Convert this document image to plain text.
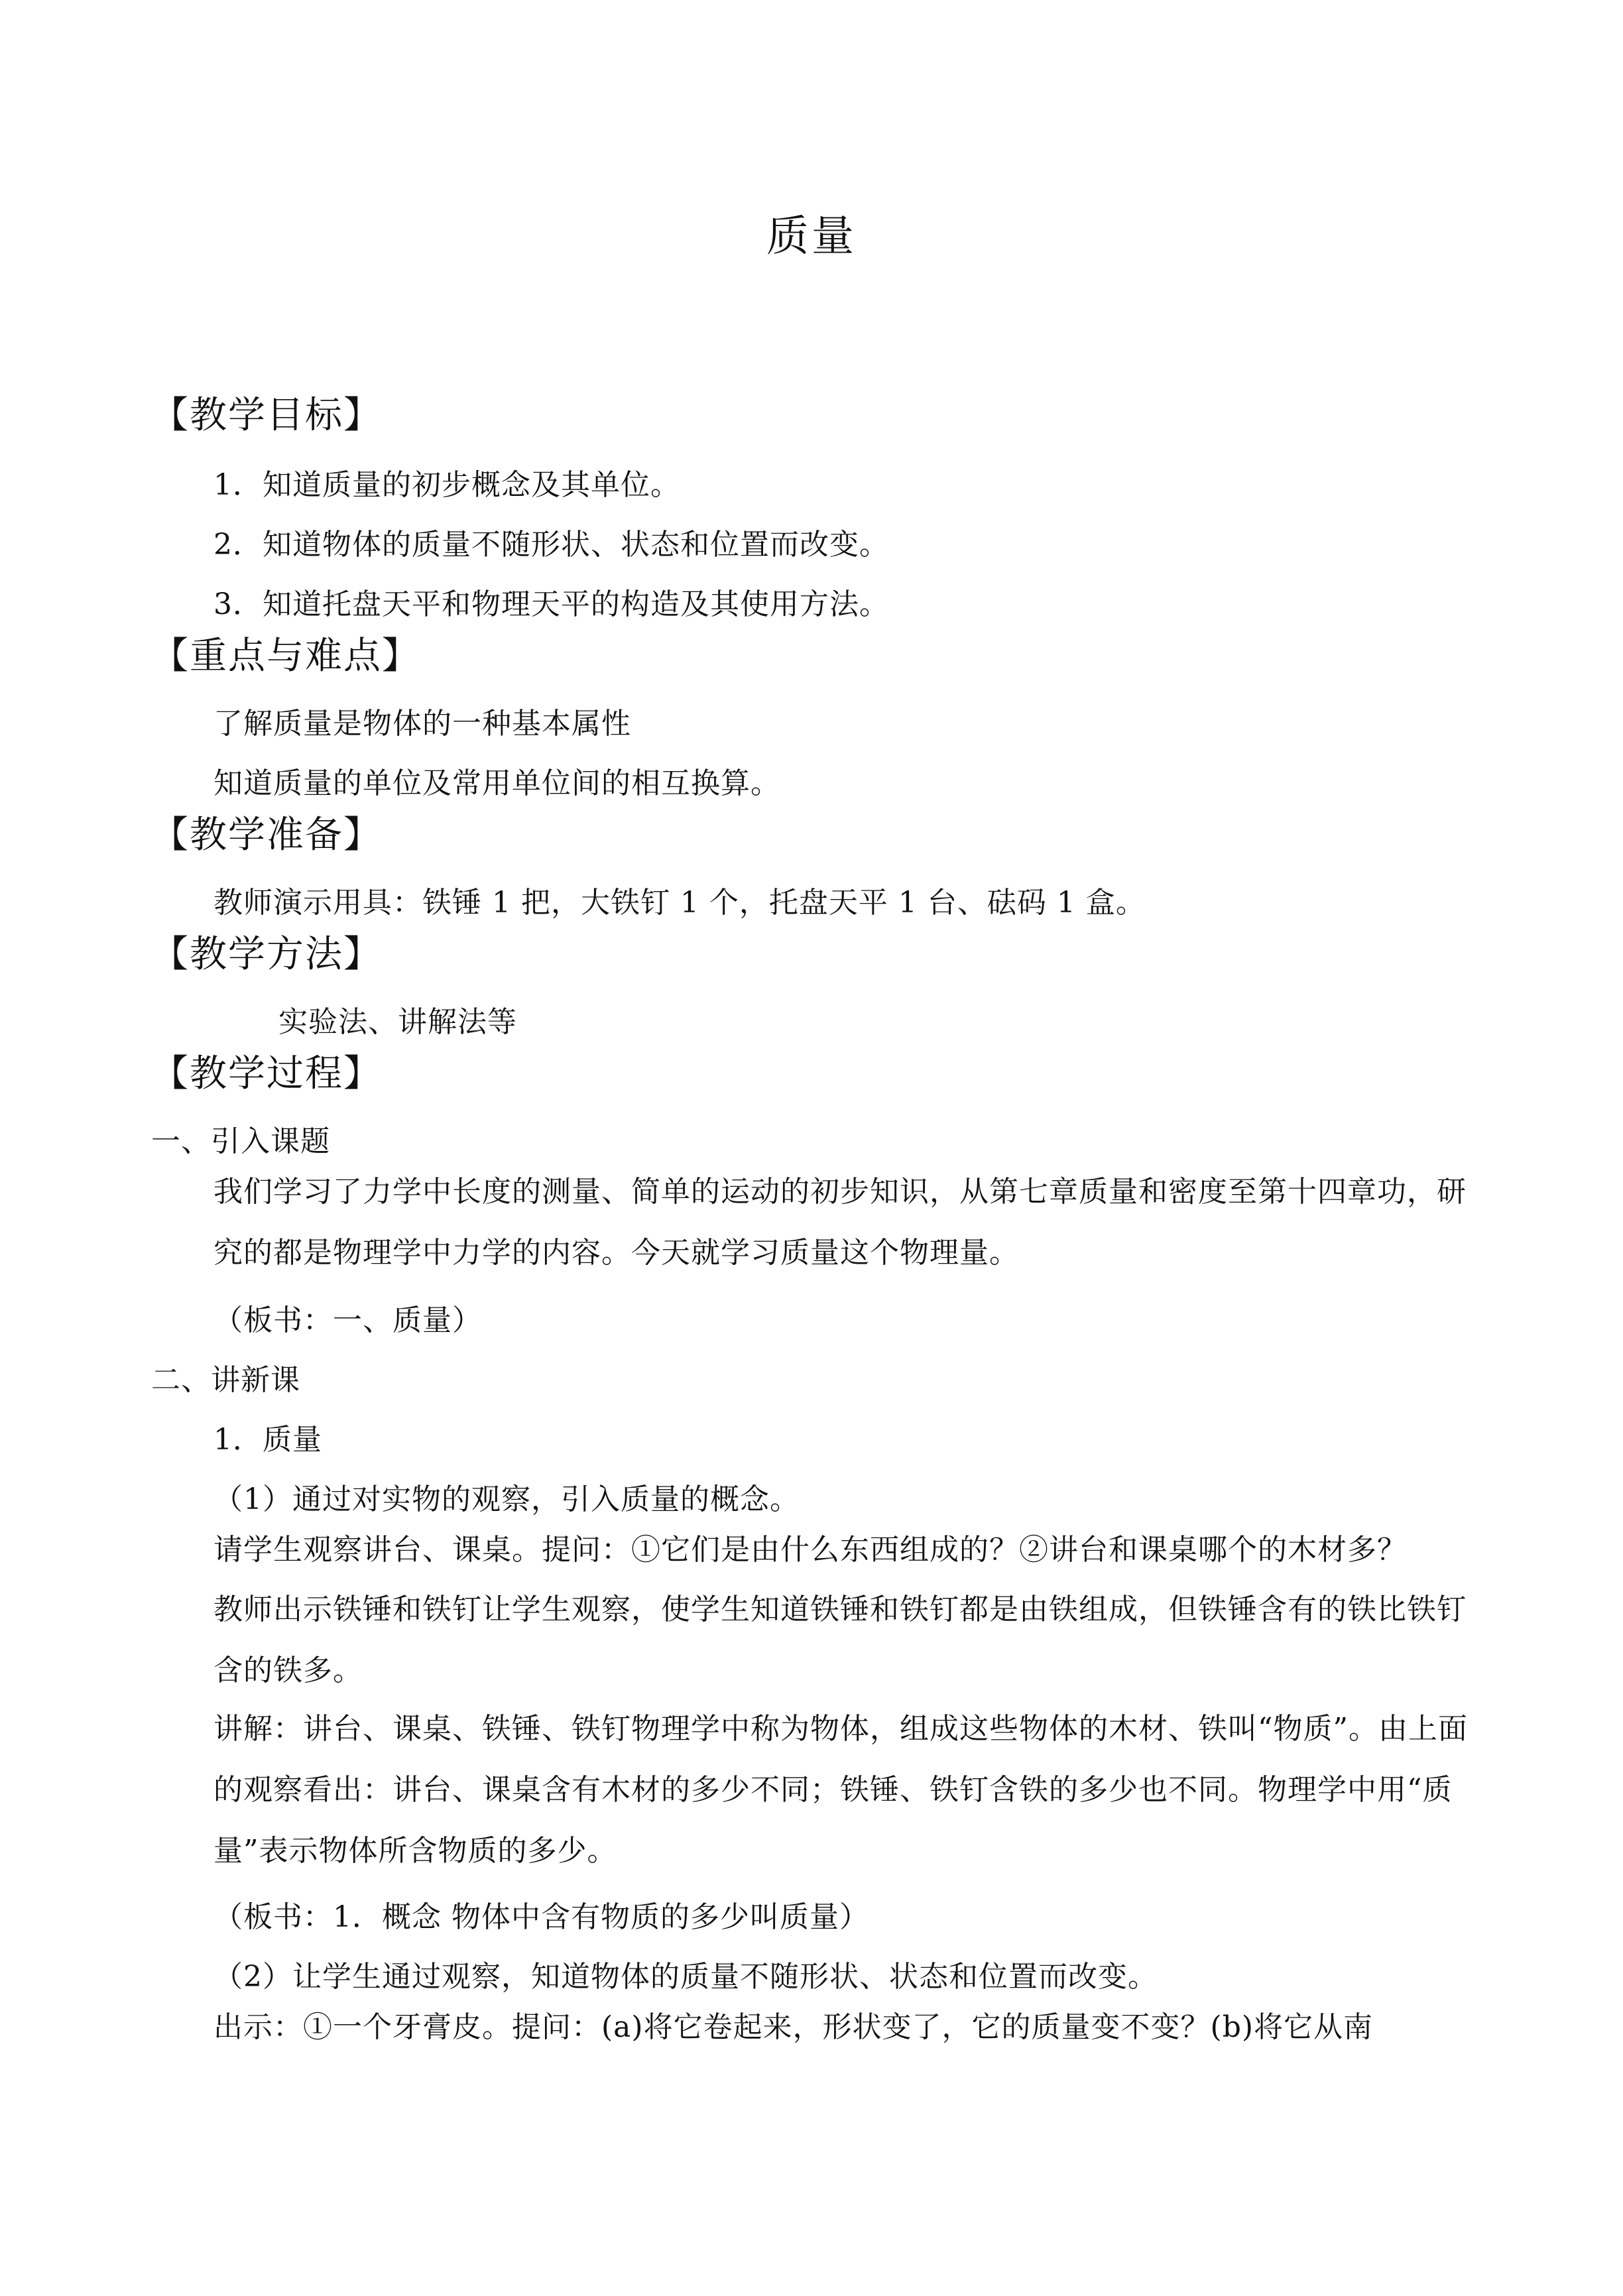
质量
【教学目标】
1．知道质量的初步概念及其单位。
2．知道物体的质量不随形状、状态和位置而改变。
3．知道托盘天平和物理天平的构造及其使用方法。
【重点与难点】
了解质量是物体的一种基本属性
知道质量的单位及常用单位间的相互换算。
【教学准备】
教师演示用具：铁锤 1 把，大铁钉 1 个，托盘天平 1 台、砝码 1 盒。
【教学方法】
实验法、讲解法等
【教学过程】
一、引入课题
我们学习了力学中长度的测量、简单的运动的初步知识，从第七章质量和密度至第十四章功，研究的都是物理学中力学的内容。今天就学习质量这个物理量。
（板书：一、质量）
二、讲新课
1．质量
（1）通过对实物的观察，引入质量的概念。
请学生观察讲台、课桌。提问：①它们是由什么东西组成的？②讲台和课桌哪个的木材多？
教师出示铁锤和铁钉让学生观察，使学生知道铁锤和铁钉都是由铁组成，但铁锤含有的铁比铁钉含的铁多。
讲解：讲台、课桌、铁锤、铁钉物理学中称为物体，组成这些物体的木材、铁叫“物质”。由上面的观察看出：讲台、课桌含有木材的多少不同；铁锤、铁钉含铁的多少也不同。物理学中用“质量”表示物体所含物质的多少。
（板书：1．概念 物体中含有物质的多少叫质量）
（2）让学生通过观察，知道物体的质量不随形状、状态和位置而改变。
出示：①一个牙膏皮。提问：(a)将它卷起来，形状变了，它的质量变不变？(b)将它从南
